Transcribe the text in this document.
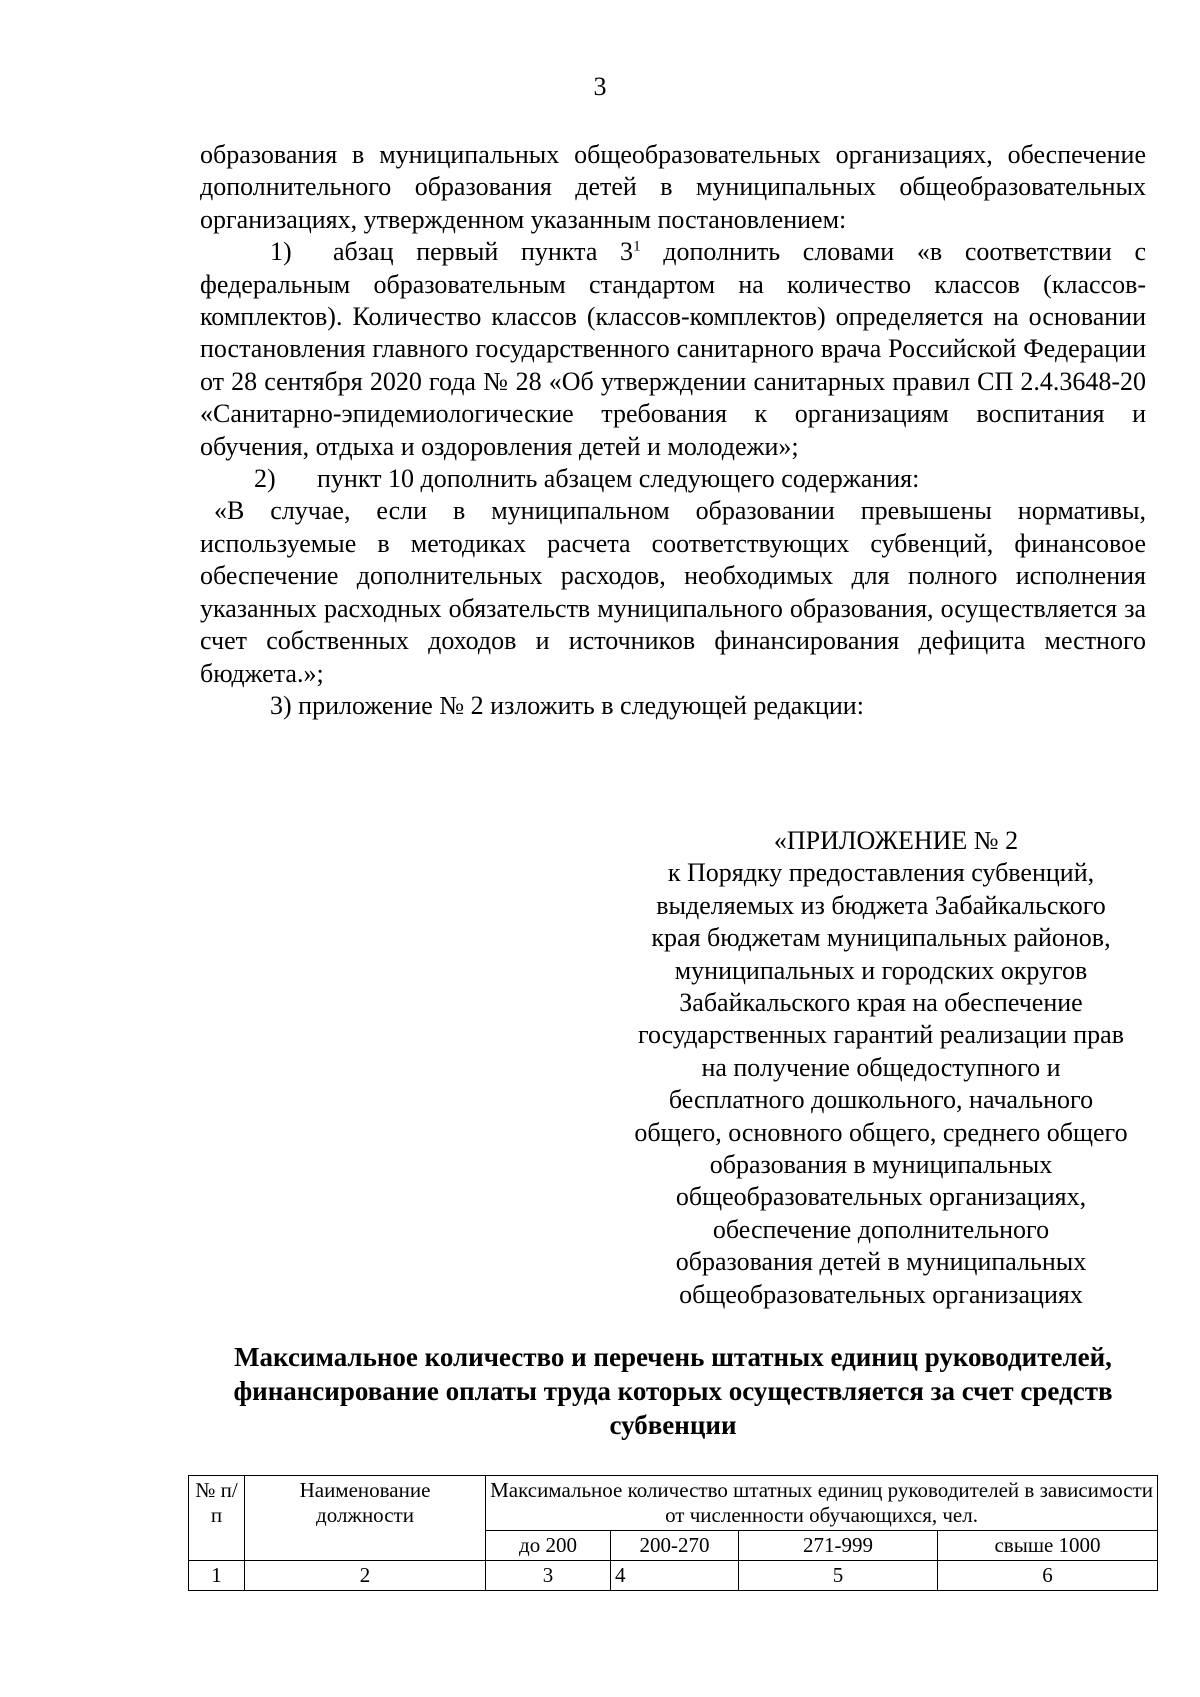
3

образования в муниципальных общеобразовательных организациях, обеспечение дополнительного образования детей в муниципальных общеобразовательных организациях, утвержденном указанным постановлением:

1) абзац первый пункта $3^1$ дополнить словами «в соответствии с федеральным образовательным стандартом на количество классов (классов-комплектов). Количество классов (классов-комплектов) определяется на основании постановления главного государственного санитарного врача Российской Федерации от 28 сентября 2020 года № 28 «Об утверждении санитарных правил СП 2.4.3648-20 «Санитарно-эпидемиологические требования к организациям воспитания и обучения, отдыха и оздоровления детей и молодежи»;

2) пункт 10 дополнить абзацем следующего содержания:

«В случае, если в муниципальном образовании превышены нормативы, используемые в методиках расчета соответствующих субвенций, финансовое обеспечение дополнительных расходов, необходимых для полного исполнения указанных расходных обязательств муниципального образования, осуществляется за счет собственных доходов и источников финансирования дефицита местного бюджета.»;

3) приложение № 2 изложить в следующей редакции:

«ПРИЛОЖЕНИЕ № 2
к Порядку предоставления субвенций,
выделяемых из бюджета Забайкальского
края бюджетам муниципальных районов,
муниципальных и городских округов
Забайкальского края на обеспечение
государственных гарантий реализации прав
на получение общедоступного и
бесплатного дошкольного, начального
общего, основного общего, среднего общего
образования в муниципальных
общеобразовательных организациях,
обеспечение дополнительного
образования детей в муниципальных
общеобразовательных организациях
Максимальное количество и перечень штатных единиц руководителей,
финансирование оплаты труда которых осуществляется за счет средств
субвенции
№ п/п	Наименование должности	Максимальное количество штатных единиц руководителей в зависимости от численности обучающихся, чел.			
		до 200	200-270	271-999	свыше 1000
1	2	3	4	5	6
